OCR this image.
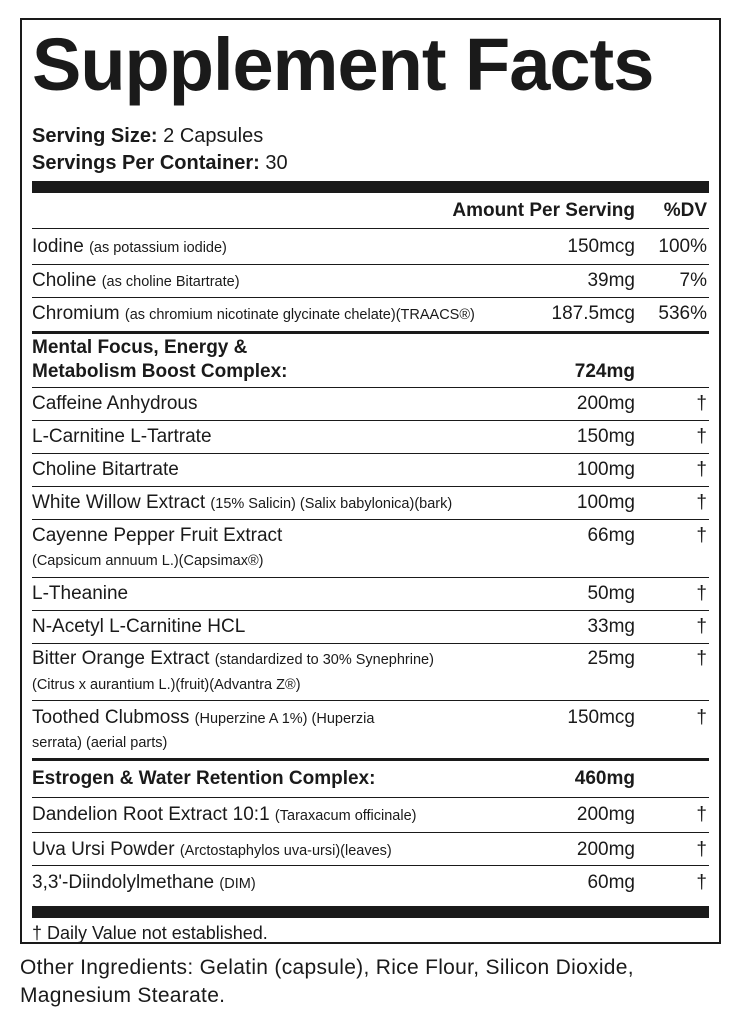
Supplement Facts
Serving Size: 2 Capsules
Servings Per Container: 30
Amount Per Serving %DV
Iodine (as potassium iodide)	150mcg 100%
Choline (as choline Bitartrate)	39mg 7%
Chromium (as chromium nicotinate glycinate chelate)(TRAACS®)	187.5mcg 536%
Mental Focus, Energy &
Metabolism Boost Complex:	724mg
Caffeine Anhydrous	200mg	†
L-Carnitine L-Tartrate	150mg	†
Choline Bitartrate	100mg	†
White Willow Extract (15% Salicin) (Salix babylonica)(bark)	100mg	†
Cayenne Pepper Fruit Extract	66mg	†
(Capsicum annuum L.)(Capsimax®)
L-Theanine	50mg	†
N-Acetyl L-Carnitine HCL	33mg	†
Bitter Orange Extract (standardized to 30% Synephrine)	25mg	†
(Citrus x aurantium L.)(fruit)(Advantra Z®)
Toothed Clubmoss (Huperzine A 1%) (Huperzia	150mcg	†
serrata) (aerial parts)
Estrogen & Water Retention Complex:	460mg
Dandelion Root Extract 10:1 (Taraxacum officinale)	200mg	†
Uva Ursi Powder (Arctostaphylos uva-ursi)(leaves)	200mg	†
3,3'-Diindolylmethane (DIM)	60mg	†
† Daily Value not established.
Other Ingredients: Gelatin (capsule), Rice Flour, Silicon Dioxide, Magnesium Stearate.
